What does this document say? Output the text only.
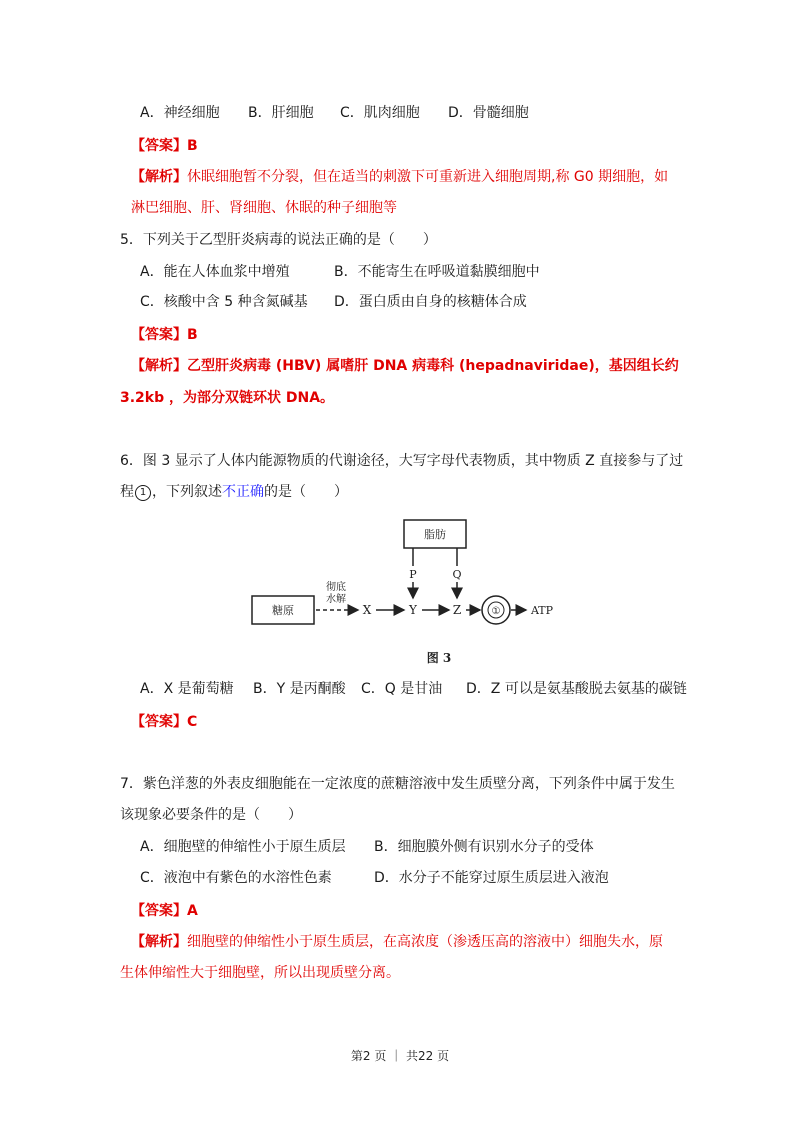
A．神经细胞 B．肝细胞 C．肌肉细胞 D．骨髓细胞
【答案】B
【解析】休眠细胞暂不分裂，但在适当的刺激下可重新进入细胞周期,称 G0 期细胞，如
淋巴细胞、肝、肾细胞、休眠的种子细胞等
5．下列关于乙型肝炎病毒的说法正确的是（　　）
A．能在人体血浆中增殖	B．不能寄生在呼吸道黏膜细胞中
C．核酸中含 5 种含氮碱基 D．蛋白质由自身的核糖体合成
【答案】B
【解析】乙型肝炎病毒 (HBV) 属嗜肝 DNA 病毒科 (hepadnaviridae)，基因组长约
3.2kb ，为部分双链环状 DNA。
6．图 3 显示了人体内能源物质的代谢途径，大写字母代表物质，其中物质 Z 直接参与了过
程 1 ，下列叙述不正确的是（　　）
脂肪
糖原
彻底
水解
X	Y	Z
P	Q
①	ATP
图 3
A．X 是葡萄糖 B．Y 是丙酮酸 C．Q 是甘油 D．Z 可以是氨基酸脱去氨基的碳链
【答案】C
7．紫色洋葱的外表皮细胞能在一定浓度的蔗糖溶液中发生质壁分离，下列条件中属于发生
该现象必要条件的是（　　）
A．细胞壁的伸缩性小于原生质层 B．细胞膜外侧有识别水分子的受体
C．液泡中有紫色的水溶性色素	D．水分子不能穿过原生质层进入液泡
【答案】A
【解析】细胞壁的伸缩性小于原生质层，在高浓度（渗透压高的溶液中）细胞失水，原
生体伸缩性大于细胞壁，所以出现质壁分离。
第2 页 ｜ 共22 页
